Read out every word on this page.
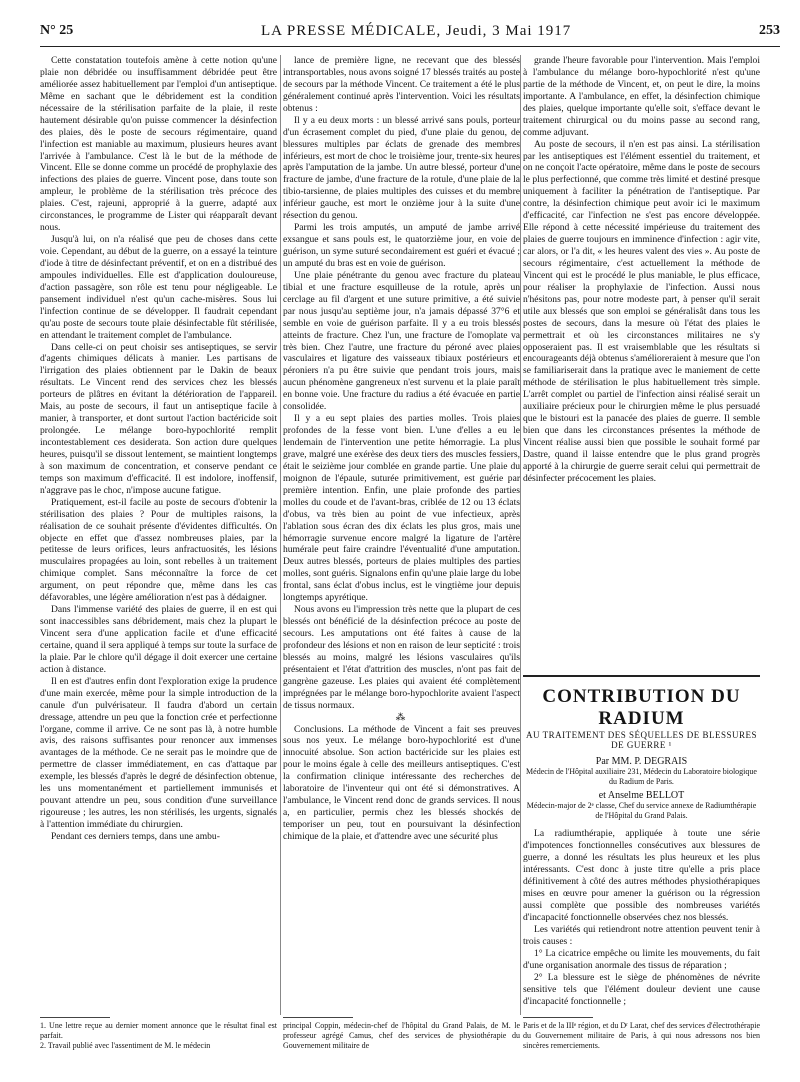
N° 25	LA PRESSE MÉDICALE, Jeudi, 3 Mai 1917	253

Cette constatation toutefois amène à cette notion qu'une plaie non débridée ou insuffisamment débridée peut être améliorée assez habituellement par l'emploi d'un antiseptique. Même en sachant que le débridement est la condition nécessaire de la stérilisation parfaite de la plaie, il reste hautement désirable qu'on puisse commencer la désinfection des plaies, dès le poste de secours régimentaire, quand l'infection est maniable au maximum, plusieurs heures avant l'arrivée à l'ambulance. C'est là le but de la méthode de Vincent. Elle se donne comme un procédé de prophylaxie des infections des plaies de guerre. Vincent pose, dans toute son ampleur, le problème de la stérilisation très précoce des plaies. C'est, rajeuni, approprié à la guerre, adapté aux circonstances, le programme de Lister qui réapparaît devant nous.

Jusqu'à lui, on n'a réalisé que peu de choses dans cette voie. Cependant, au début de la guerre, on a essayé la teinture d'iode à titre de désinfectant préventif, et on en a distribué des ampoules individuelles. Elle est d'application douloureuse, d'action passagère, son rôle est tenu pour négligeable. Le pansement individuel n'est qu'un cache-misères. Sous lui l'infection continue de se développer. Il faudrait cependant qu'au poste de secours toute plaie désinfectable fût stérilisée, en attendant le traitement complet de l'ambulance.

Dans celle-ci on peut choisir ses antiseptiques, se servir d'agents chimiques délicats à manier. Les partisans de l'irrigation des plaies obtiennent par le Dakin de beaux résultats. Le Vincent rend des services chez les blessés porteurs de plâtres en évitant la détérioration de l'appareil. Mais, au poste de secours, il faut un antiseptique facile à manier, à transporter, et dont surtout l'action bactéricide soit prolongée. Le mélange boro-hypochlorité remplit incontestablement ces desiderata. Son action dure quelques heures, puisqu'il se dissout lentement, se maintient longtemps à son maximum de concentration, et conserve pendant ce temps son maximum d'efficacité. Il est indolore, inoffensif, n'aggrave pas le choc, n'impose aucune fatigue.

Pratiquement, est-il facile au poste de secours d'obtenir la stérilisation des plaies ? Pour de multiples raisons, la réalisation de ce souhait présente d'évidentes difficultés. On objecte en effet que d'assez nombreuses plaies, par la petitesse de leurs orifices, leurs anfractuosités, les lésions musculaires propagées au loin, sont rebelles à un traitement chimique complet. Sans méconnaître la force de cet argument, on peut répondre que, même dans les cas défavorables, une légère amélioration n'est pas à dédaigner.

Dans l'immense variété des plaies de guerre, il en est qui sont inaccessibles sans débridement, mais chez la plupart le Vincent sera d'une application facile et d'une efficacité certaine, quand il sera appliqué à temps sur toute la surface de la plaie. Par le chlore qu'il dégage il doit exercer une certaine action à distance.

Il en est d'autres enfin dont l'exploration exige la prudence d'une main exercée, même pour la simple introduction de la canule d'un pulvérisateur. Il faudra d'abord un certain dressage, attendre un peu que la fonction crée et perfectionne l'organe, comme il arrive. Ce ne sont pas là, à notre humble avis, des raisons suffisantes pour renoncer aux immenses avantages de la méthode. Ce ne serait pas le moindre que de permettre de classer immédiatement, en cas d'attaque par exemple, les blessés d'après le degré de désinfection obtenue, les uns momentanément et partiellement immunisés et pouvant attendre un peu, sous condition d'une surveillance rigoureuse ; les autres, les non stérilisés, les urgents, signalés à l'attention immédiate du chirurgien.

Pendant ces derniers temps, dans une ambu-

lance de première ligne, ne recevant que des blessés intransportables, nous avons soigné 17 blessés traités au poste de secours par la méthode Vincent. Ce traitement a été le plus généralement continué après l'intervention. Voici les résultats obtenus :

Il y a eu deux morts : un blessé arrivé sans pouls, porteur d'un écrasement complet du pied, d'une plaie du genou, de blessures multiples par éclats de grenade des membres inférieurs, est mort de choc le troisième jour, trente-six heures après l'amputation de la jambe. Un autre blessé, porteur d'une fracture de jambe, d'une fracture de la rotule, d'une plaie de la tibio-tarsienne, de plaies multiples des cuisses et du membre inférieur gauche, est mort le onzième jour à la suite d'une résection du genou.

Parmi les trois amputés, un amputé de jambe arrivé exsangue et sans pouls est, le quatorzième jour, en voie de guérison, un syme suturé secondairement est guéri et évacué ; un amputé du bras est en voie de guérison.

Une plaie pénétrante du genou avec fracture du plateau tibial et une fracture esquilleuse de la rotule, après un cerclage au fil d'argent et une suture primitive, a été suivie par nous jusqu'au septième jour, n'a jamais dépassé 37°6 et semble en voie de guérison parfaite. Il y a eu trois blessés atteints de fracture. Chez l'un, une fracture de l'omoplate va très bien. Chez l'autre, une fracture du péroné avec plaies vasculaires et ligature des vaisseaux tibiaux postérieurs et péroniers n'a pu être suivie que pendant trois jours, mais aucun phénomène gangreneux n'est survenu et la plaie paraît en bonne voie. Une fracture du radius a été évacuée en partie consolidée.

Il y a eu sept plaies des parties molles. Trois plaies profondes de la fesse vont bien. L'une d'elles a eu le lendemain de l'intervention une petite hémorragie. La plus grave, malgré une exérèse des deux tiers des muscles fessiers, était le seizième jour comblée en grande partie. Une plaie du moignon de l'épaule, suturée primitivement, est guérie par première intention. Enfin, une plaie profonde des parties molles du coude et de l'avant-bras, criblée de 12 ou 13 éclats d'obus, va très bien au point de vue infectieux, après l'ablation sous écran des dix éclats les plus gros, mais une hémorragie survenue encore malgré la ligature de l'artère humérale peut faire craindre l'éventualité d'une amputation. Deux autres blessés, porteurs de plaies multiples des parties molles, sont guéris. Signalons enfin qu'une plaie large du lobe frontal, sans éclat d'obus inclus, est le vingtième jour depuis longtemps apyrétique.

Nous avons eu l'impression très nette que la plupart de ces blessés ont bénéficié de la désinfection précoce au poste de secours. Les amputations ont été faites à cause de la profondeur des lésions et non en raison de leur septicité : trois blessés au moins, malgré les lésions vasculaires qu'ils présentaient et l'état d'attrition des muscles, n'ont pas fait de gangrène gazeuse. Les plaies qui avaient été complètement imprégnées par le mélange boro-hypochlorite avaient l'aspect de tissus normaux.

⁂

Conclusions. La méthode de Vincent a fait ses preuves sous nos yeux. Le mélange boro-hypochlorité est d'une innocuité absolue. Son action bactéricide sur les plaies est pour le moins égale à celle des meilleurs antiseptiques. C'est la confirmation clinique intéressante des recherches de laboratoire de l'inventeur qui ont été si démonstratives. A l'ambulance, le Vincent rend donc de grands services. Il nous a, en particulier, permis chez les blessés shockés de temporiser un peu, tout en poursuivant la désinfection chimique de la plaie, et d'attendre avec une sécurité plus

grande l'heure favorable pour l'intervention. Mais l'emploi à l'ambulance du mélange boro-hypochlorité n'est qu'une partie de la méthode de Vincent, et, on peut le dire, la moins importante. A l'ambulance, en effet, la désinfection chimique des plaies, quelque importante qu'elle soit, s'efface devant le traitement chirurgical ou du moins passe au second rang, comme adjuvant.

Au poste de secours, il n'en est pas ainsi. La stérilisation par les antiseptiques est l'élément essentiel du traitement, et on ne conçoit l'acte opératoire, même dans le poste de secours le plus perfectionné, que comme très limité et destiné presque uniquement à faciliter la pénétration de l'antiseptique. Par contre, la désinfection chimique peut avoir ici le maximum d'efficacité, car l'infection ne s'est pas encore développée. Elle répond à cette nécessité impérieuse du traitement des plaies de guerre toujours en imminence d'infection : agir vite, car alors, or l'a dit, « les heures valent des vies ». Au poste de secours régimentaire, c'est actuellement la méthode de Vincent qui est le procédé le plus maniable, le plus efficace, pour réaliser la prophylaxie de l'infection. Aussi nous n'hésitons pas, pour notre modeste part, à penser qu'il serait utile aux blessés que son emploi se généralisât dans tous les postes de secours, dans la mesure où l'état des plaies le permettrait et où les circonstances militaires ne s'y opposeraient pas. Il est vraisemblable que les résultats si encourageants déjà obtenus s'amélioreraient à mesure que l'on se familiariserait dans la pratique avec le maniement de cette méthode de stérilisation le plus habituellement très simple. L'arrêt complet ou partiel de l'infection ainsi réalisé serait un auxiliaire précieux pour le chirurgien même le plus persuadé que le bistouri est la panacée des plaies de guerre. Il semble bien que dans les circonstances présentes la méthode de Vincent réalise aussi bien que possible le souhait formé par Dastre, quand il laisse entendre que le plus grand progrès apporté à la chirurgie de guerre serait celui qui permettrait de désinfecter précocement les plaies.

CONTRIBUTION DU RADIUM

AU TRAITEMENT DES SÉQUELLES DE BLESSURES DE GUERRE ¹

Par MM. P. DEGRAIS

Médecin de l'Hôpital auxiliaire 231, Médecin du Laboratoire biologique du Radium de Paris.

et Anselme BELLOT

Médecin-major de 2ᵉ classe, Chef du service annexe de Radiumthérapie de l'Hôpital du Grand Palais.

La radiumthérapie, appliquée à toute une série d'impotences fonctionnelles consécutives aux blessures de guerre, a donné les résultats les plus heureux et les plus intéressants. C'est donc à juste titre qu'elle a pris place définitivement à côté des autres méthodes physiothérapiques mises en œuvre pour amener la guérison ou la régression aussi complète que possible des nombreuses variétés d'incapacité fonctionnelle observées chez nos blessés.

Les variétés qui retiendront notre attention peuvent tenir à trois causes :

1° La cicatrice empêche ou limite les mouvements, du fait d'une organisation anormale des tissus de réparation ;

2° La blessure est le siège de phénomènes de névrite sensitive tels que l'élément douleur devient une cause d'incapacité fonctionnelle ;

1. Une lettre reçue au dernier moment annonce que le résultat final est parfait.
2. Travail publié avec l'assentiment de M. le médecin
principal Coppin, médecin-chef de l'hôpital du Grand Palais, de M. le professeur agrégé Camus, chef des services de physiothérapie du Gouvernement militaire de
Paris et de la IIIᵉ région, et du Dʳ Larat, chef des services d'électrothérapie du Gouvernement militaire de Paris, à qui nous adressons nos bien sincères remerciements.
